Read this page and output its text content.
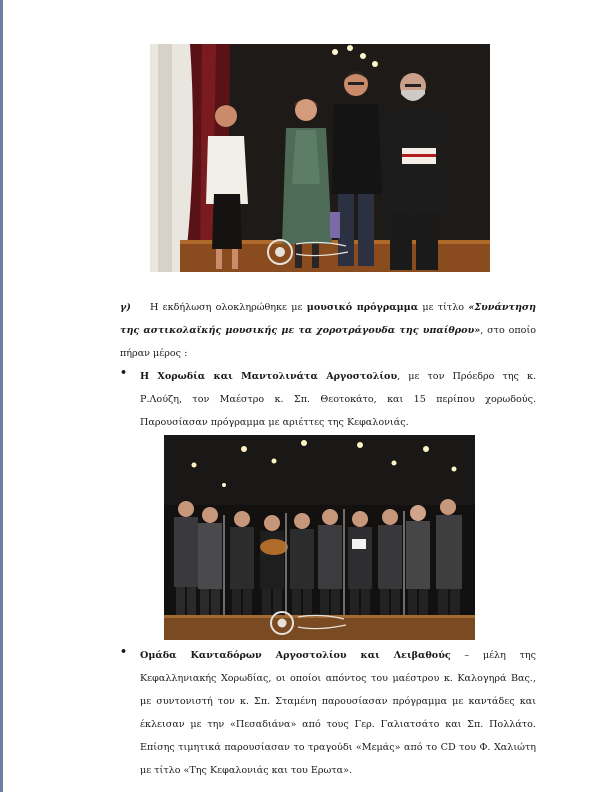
γ) Η εκδήλωση ολοκληρώθηκε με μουσικό πρόγραμμα με τίτλο «Συνάντηση της αστικολαϊκής μουσικής με τα χοροτράγουδα της υπαίθρου», στο οποίο πήραν μέρος :
• Η Χορωδία και Μαντολινάτα Αργοστολίου, με τον Πρόεδρο της κ. Ρ.Λούζη, τον Μαέστρο κ. Σπ. Θεοτοκάτο, και 15 περίπου χορωδούς. Παρουσίασαν πρόγραμμα με αριέττες της Κεφαλονιάς.
• Ομάδα Κανταδόρων Αργοστολίου και Λειβαθούς – μέλη της Κεφαλληνιακής Χορωδίας, οι οποίοι απόντος του μαέστρου κ. Καλογηρά Βας., με συντονιστή τον κ. Σπ. Σταμένη παρουσίασαν πρόγραμμα με καντάδες και έκλεισαν με την «Πεσαδιάνα» από τους Γερ. Γαλιατσάτο και Σπ. Πολλάτο. Επίσης τιμητικά παρουσίασαν το τραγούδι «Μεμάς» από το CD του Φ. Χαλιώτη με τίτλο «Της Κεφαλονιάς και του Ερωτα».
